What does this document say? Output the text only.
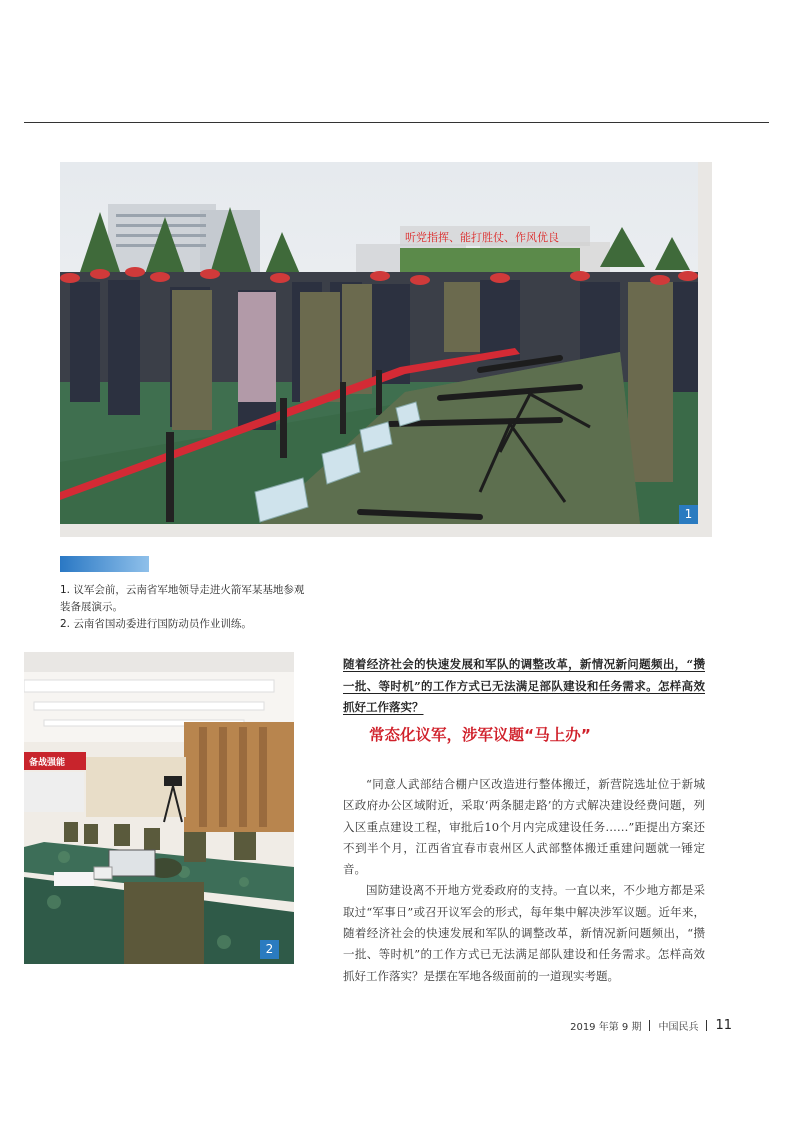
听党指挥、能打胜仗、作风优良
1

1. 议军会前，云南省军地领导走进火箭军某基地参观装备展演示。

2. 云南省国动委进行国防动员作业训练。

备战强能
2
随着经济社会的快速发展和军队的调整改革，新情况新问题频出，“攒一批、等时机”的工作方式已无法满足部队建设和任务需求。怎样高效抓好工作落实？
常态化议军，涉军议题“马上办”

“同意人武部结合棚户区改造进行整体搬迁，新营院选址位于新城区政府办公区域附近，采取‘两条腿走路’的方式解决建设经费问题，列入区重点建设工程，审批后10个月内完成建设任务……”距提出方案还不到半个月，江西省宜春市袁州区人武部整体搬迁重建问题就一锤定音。

国防建设离不开地方党委政府的支持。一直以来，不少地方都是采取过“军事日”或召开议军会的形式，每年集中解决涉军议题。近年来，随着经济社会的快速发展和军队的调整改革，新情况新问题频出，“攒一批、等时机”的工作方式已无法满足部队建设和任务需求。怎样高效抓好工作落实？是摆在军地各级面前的一道现实考题。

2019 年第 9 期 中国民兵 11
